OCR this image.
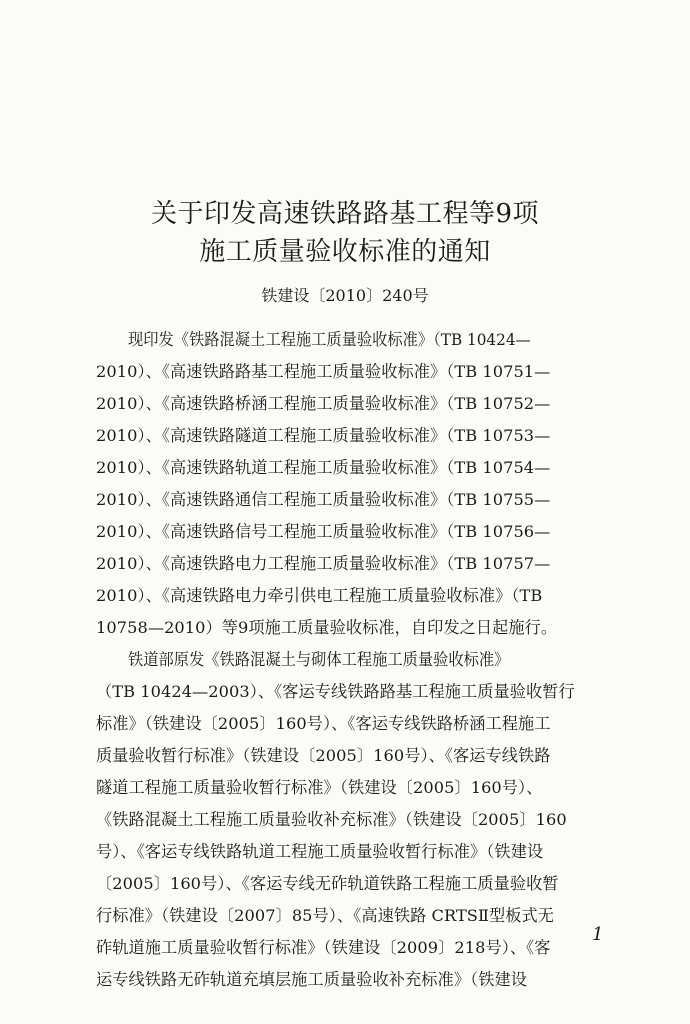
关于印发高速铁路路基工程等9项
施工质量验收标准的通知
铁建设〔2010〕240号
现印发《铁路混凝土工程施工质量验收标准》（TB 10424—
2010）、《高速铁路路基工程施工质量验收标准》（TB 10751—
2010）、《高速铁路桥涵工程施工质量验收标准》（TB 10752—
2010）、《高速铁路隧道工程施工质量验收标准》（TB 10753—
2010）、《高速铁路轨道工程施工质量验收标准》（TB 10754—
2010）、《高速铁路通信工程施工质量验收标准》（TB 10755—
2010）、《高速铁路信号工程施工质量验收标准》（TB 10756—
2010）、《高速铁路电力工程施工质量验收标准》（TB 10757—
2010）、《高速铁路电力牵引供电工程施工质量验收标准》（TB
10758—2010）等9项施工质量验收标准，自印发之日起施行。
铁道部原发《铁路混凝土与砌体工程施工质量验收标准》
（TB 10424—2003）、《客运专线铁路路基工程施工质量验收暂行
标准》（铁建设〔2005〕160号）、《客运专线铁路桥涵工程施工
质量验收暂行标准》（铁建设〔2005〕160号）、《客运专线铁路
隧道工程施工质量验收暂行标准》（铁建设〔2005〕160号）、
《铁路混凝土工程施工质量验收补充标准》（铁建设〔2005〕160
号）、《客运专线铁路轨道工程施工质量验收暂行标准》（铁建设
〔2005〕160号）、《客运专线无砟轨道铁路工程施工质量验收暂
行标准》（铁建设〔2007〕85号）、《高速铁路 CRTSⅡ型板式无
砟轨道施工质量验收暂行标准》（铁建设〔2009〕218号）、《客
运专线铁路无砟轨道充填层施工质量验收补充标准》（铁建设
1
